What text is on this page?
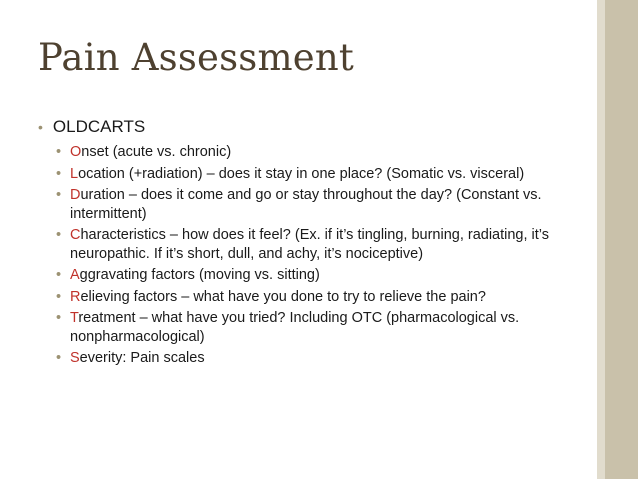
Pain Assessment
• OLDCARTS
• Onset (acute vs. chronic)
• Location (+radiation) – does it stay in one place? (Somatic vs. visceral)
• Duration – does it come and go or stay throughout the day? (Constant vs. intermittent)
• Characteristics – how does it feel? (Ex. if it’s tingling, burning, radiating, it’s neuropathic. If it’s short, dull, and achy, it’s nociceptive)
• Aggravating factors (moving vs. sitting)
• Relieving factors – what have you done to try to relieve the pain?
• Treatment – what have you tried? Including OTC (pharmacological vs. nonpharmacological)
• Severity: Pain scales
